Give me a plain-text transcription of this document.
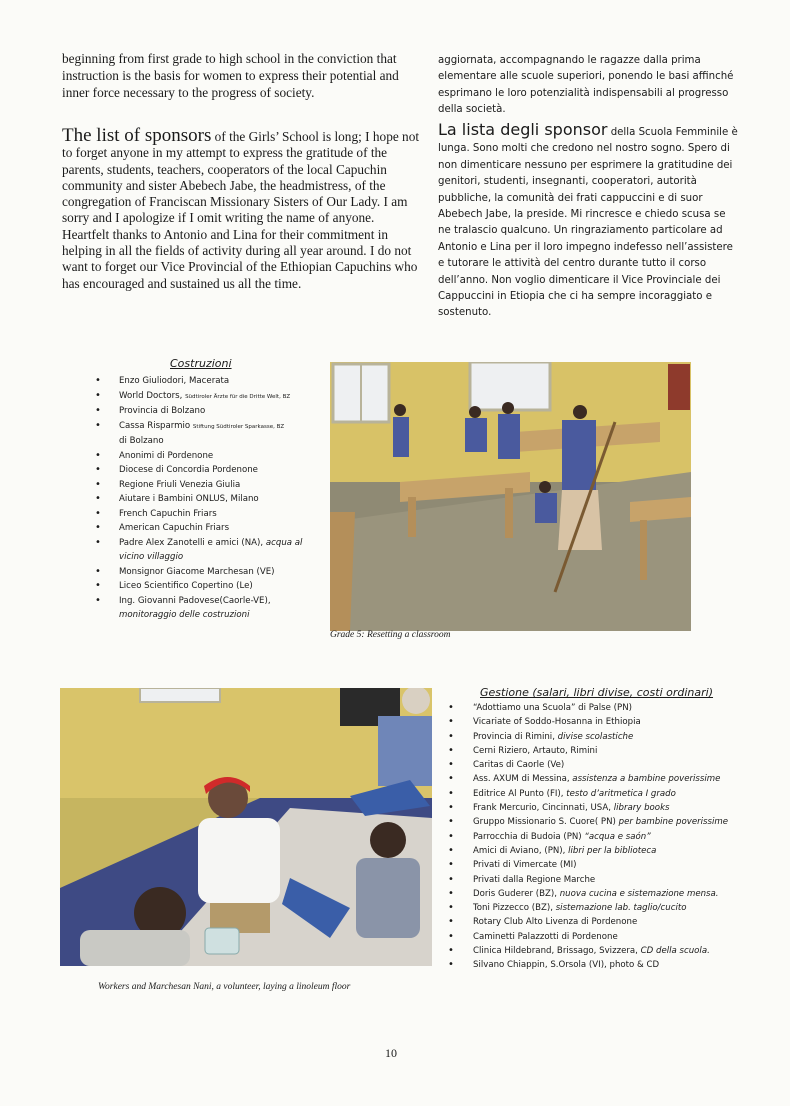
beginning from first grade to high school in the conviction that instruction is the basis for women to express their potential and inner force necessary to the progress of society.

aggiornata, accompagnando le ragazze dalla prima elementare alle scuole superiori, ponendo le basi affinché esprimano le loro potenzialità indispensabili al progresso della società.

The list of sponsors of the Girls’ School is long; I hope not to forget anyone in my attempt to express the gratitude of the parents, students, teachers, cooperators of the local Capuchin community and sister Abebech Jabe, the headmistress, of the congregation of Franciscan Missionary Sisters of Our Lady. I am sorry and I apologize if I omit writing the name of anyone. Heartfelt thanks to Antonio and Lina for their commitment in helping in all the fields of activity during all year around. I do not want to forget our Vice Provincial of the Ethiopian Capuchins who has encouraged and sustained us all the time.

La lista degli sponsor della Scuola Femminile è lunga. Sono molti che credono nel nostro sogno. Spero di non dimenticare nessuno per esprimere la gratitudine dei genitori, studenti, insegnanti, cooperatori, autorità pubbliche, la comunità dei frati cappuccini e di suor Abebech Jabe, la preside. Mi rincresce e chiedo scusa se ne tralascio qualcuno. Un ringraziamento particolare ad Antonio e Lina per il loro impegno indefesso nell’assistere e tutorare le attività del centro durante tutto il corso dell’anno. Non voglio dimenticare il Vice Provinciale dei Cappuccini in Etiopia che ci ha sempre incoraggiato e sostenuto.

Costruzioni

• Enzo Giuliodori, Macerata
• World Doctors, Südtiroler Ärzte für die Dritte Welt, BZ
• Provincia di Bolzano
• Cassa Risparmio Stiftung Südtiroler Sparkasse, BZ
di Bolzano
• Anonimi di Pordenone
• Diocese di Concordia Pordenone
• Regione Friuli Venezia Giulia
• Aiutare i Bambini ONLUS, Milano
• French Capuchin Friars
• American Capuchin Friars
• Padre Alex Zanotelli e amici (NA), acqua al vicino villaggio
• Monsignor Giacome Marchesan (VE)
• Liceo Scientifico Copertino (Le)
• Ing. Giovanni Padovese(Caorle-VE), monitoraggio delle costruzioni

Grade 5: Resetting a classroom

Workers and Marchesan Nani, a volunteer, laying a linoleum floor

Gestione (salari, libri divise, costi ordinari)

• “Adottiamo una Scuola” di Palse (PN)
• Vicariate of Soddo-Hosanna in Ethiopia
• Provincia di Rimini, divise scolastiche
• Cerni Riziero, Artauto, Rimini
• Caritas di Caorle (Ve)
• Ass. AXUM di Messina, assistenza a bambine poverissime
• Editrice Al Punto (FI), testo d’aritmetica I grado
• Frank Mercurio, Cincinnati, USA, library books
• Gruppo Missionario S. Cuore( PN) per bambine poverissime
• Parrocchia di Budoia (PN) “acqua e saón”
• Amici di Aviano, (PN), libri per la biblioteca
• Privati di Vimercate (MI)
• Privati dalla Regione Marche
• Doris Guderer (BZ), nuova cucina e sistemazione mensa.
• Toni Pizzecco (BZ), sistemazione lab. taglio/cucito
• Rotary Club Alto Livenza di Pordenone
• Caminetti Palazzotti di Pordenone
• Clinica Hildebrand, Brissago, Svizzera, CD della scuola.
• Silvano Chiappin, S.Orsola (VI), photo & CD
10
